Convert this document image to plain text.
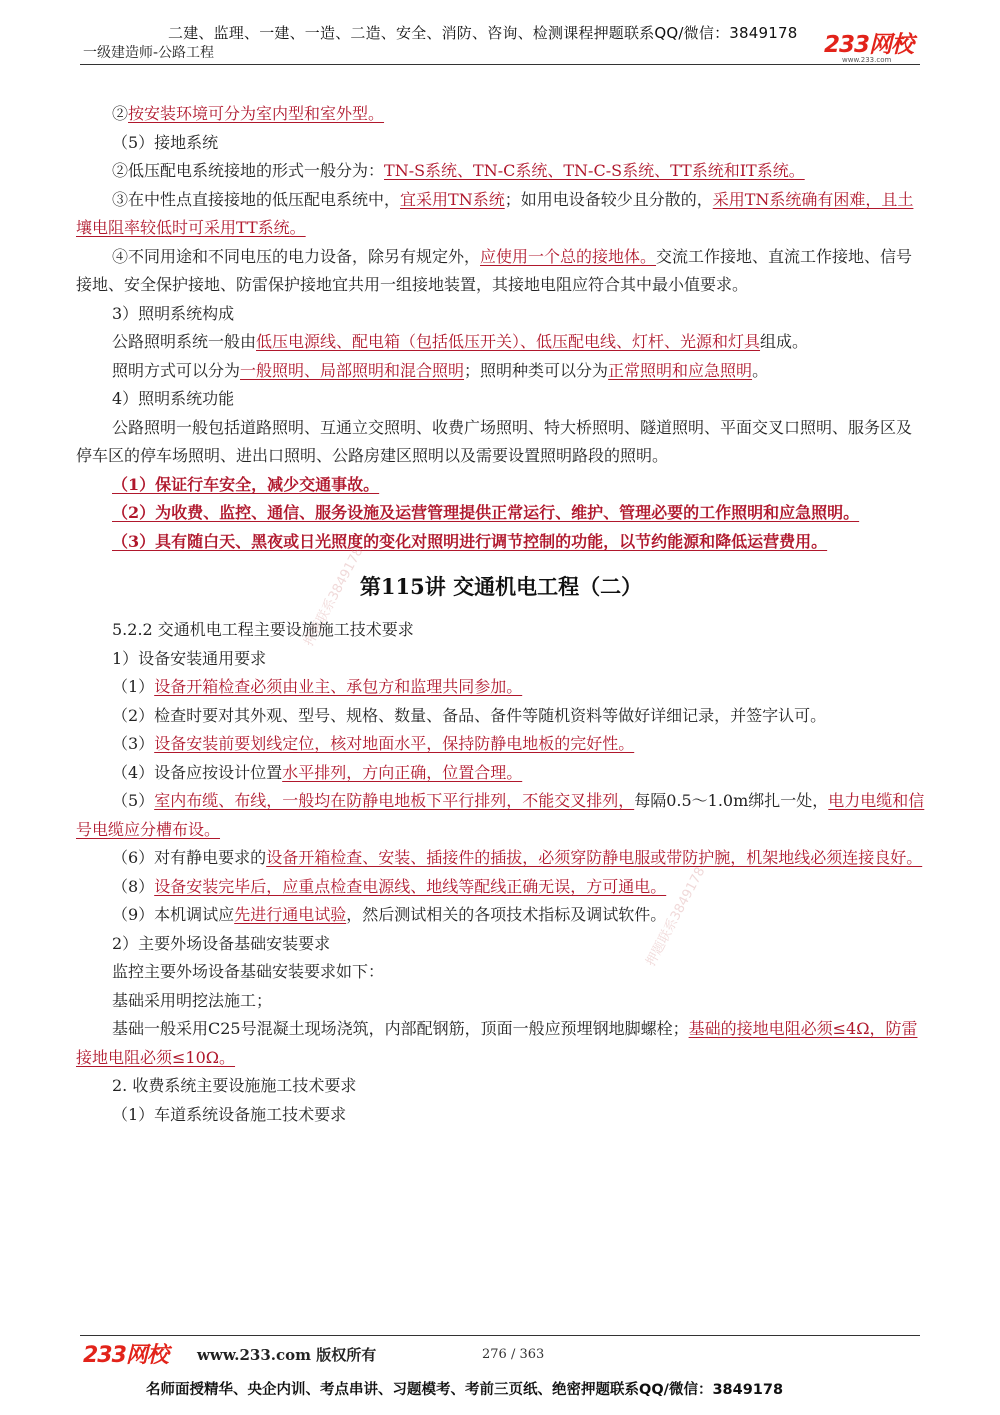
二建、监理、一建、一造、二造、安全、消防、咨询、检测课程押题联系QQ/微信：3849178
一级建造师-公路工程	233网校
www.233.com

②按安装环境可分为室内型和室外型。

（5）接地系统

②低压配电系统接地的形式一般分为：TN-S系统、TN-C系统、TN-C-S系统、TT系统和IT系统。

③在中性点直接接地的低压配电系统中，宜采用TN系统；如用电设备较少且分散的，采用TN系统确有困难，且土壤电阻率较低时可采用TT系统。

④不同用途和不同电压的电力设备，除另有规定外，应使用一个总的接地体。交流工作接地、直流工作接地、信号接地、安全保护接地、防雷保护接地宜共用一组接地装置，其接地电阻应符合其中最小值要求。

3）照明系统构成

公路照明系统一般由低压电源线、配电箱（包括低压开关）、低压配电线、灯杆、光源和灯具组成。

照明方式可以分为一般照明、局部照明和混合照明；照明种类可以分为正常照明和应急照明。

4）照明系统功能

公路照明一般包括道路照明、互通立交照明、收费广场照明、特大桥照明、隧道照明、平面交叉口照明、服务区及停车区的停车场照明、进出口照明、公路房建区照明以及需要设置照明路段的照明。

（1）保证行车安全，减少交通事故。

（2）为收费、监控、通信、服务设施及运营管理提供正常运行、维护、管理必要的工作照明和应急照明。

（3）具有随白天、黑夜或日光照度的变化对照明进行调节控制的功能，以节约能源和降低运营费用。

第115讲 交通机电工程（二）

5.2.2 交通机电工程主要设施施工技术要求

1）设备安装通用要求

（1）设备开箱检查必须由业主、承包方和监理共同参加。

（2）检查时要对其外观、型号、规格、数量、备品、备件等随机资料等做好详细记录，并签字认可。

（3）设备安装前要划线定位，核对地面水平，保持防静电地板的完好性。

（4）设备应按设计位置水平排列，方向正确，位置合理。

（5）室内布缆、布线，一般均在防静电地板下平行排列，不能交叉排列，每隔0.5～1.0m绑扎一处，电力电缆和信号电缆应分槽布设。

（6）对有静电要求的设备开箱检查、安装、插接件的插拔，必须穿防静电服或带防护腕，机架地线必须连接良好。

（8）设备安装完毕后，应重点检查电源线、地线等配线正确无误，方可通电。

（9）本机调试应先进行通电试验，然后测试相关的各项技术指标及调试软件。

2）主要外场设备基础安装要求

监控主要外场设备基础安装要求如下：

基础采用明挖法施工；

基础一般采用C25号混凝土现场浇筑，内部配钢筋，顶面一般应预埋钢地脚螺栓；基础的接地电阻必须≤4Ω，防雷接地电阻必须≤10Ω。

2. 收费系统主要设施施工技术要求

（1）车道系统设备施工技术要求

押题联系3849178
押题联系3849178
233网校 www.233.com 版权所有	276 / 363
名师面授精华、央企内训、考点串讲、习题模考、考前三页纸、绝密押题联系QQ/微信：3849178
